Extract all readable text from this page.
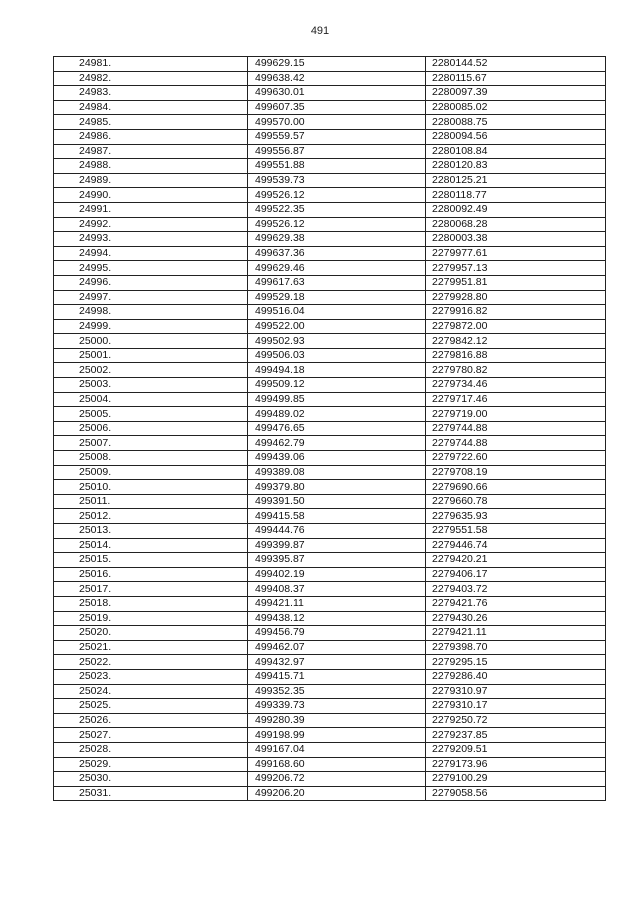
491
24981.	499629.15	2280144.52
24982.	499638.42	2280115.67
24983.	499630.01	2280097.39
24984.	499607.35	2280085.02
24985.	499570.00	2280088.75
24986.	499559.57	2280094.56
24987.	499556.87	2280108.84
24988.	499551.88	2280120.83
24989.	499539.73	2280125.21
24990.	499526.12	2280118.77
24991.	499522.35	2280092.49
24992.	499526.12	2280068.28
24993.	499629.38	2280003.38
24994.	499637.36	2279977.61
24995.	499629.46	2279957.13
24996.	499617.63	2279951.81
24997.	499529.18	2279928.80
24998.	499516.04	2279916.82
24999.	499522.00	2279872.00
25000.	499502.93	2279842.12
25001.	499506.03	2279816.88
25002.	499494.18	2279780.82
25003.	499509.12	2279734.46
25004.	499499.85	2279717.46
25005.	499489.02	2279719.00
25006.	499476.65	2279744.88
25007.	499462.79	2279744.88
25008.	499439.06	2279722.60
25009.	499389.08	2279708.19
25010.	499379.80	2279690.66
25011.	499391.50	2279660.78
25012.	499415.58	2279635.93
25013.	499444.76	2279551.58
25014.	499399.87	2279446.74
25015.	499395.87	2279420.21
25016.	499402.19	2279406.17
25017.	499408.37	2279403.72
25018.	499421.11	2279421.76
25019.	499438.12	2279430.26
25020.	499456.79	2279421.11
25021.	499462.07	2279398.70
25022.	499432.97	2279295.15
25023.	499415.71	2279286.40
25024.	499352.35	2279310.97
25025.	499339.73	2279310.17
25026.	499280.39	2279250.72
25027.	499198.99	2279237.85
25028.	499167.04	2279209.51
25029.	499168.60	2279173.96
25030.	499206.72	2279100.29
25031.	499206.20	2279058.56
